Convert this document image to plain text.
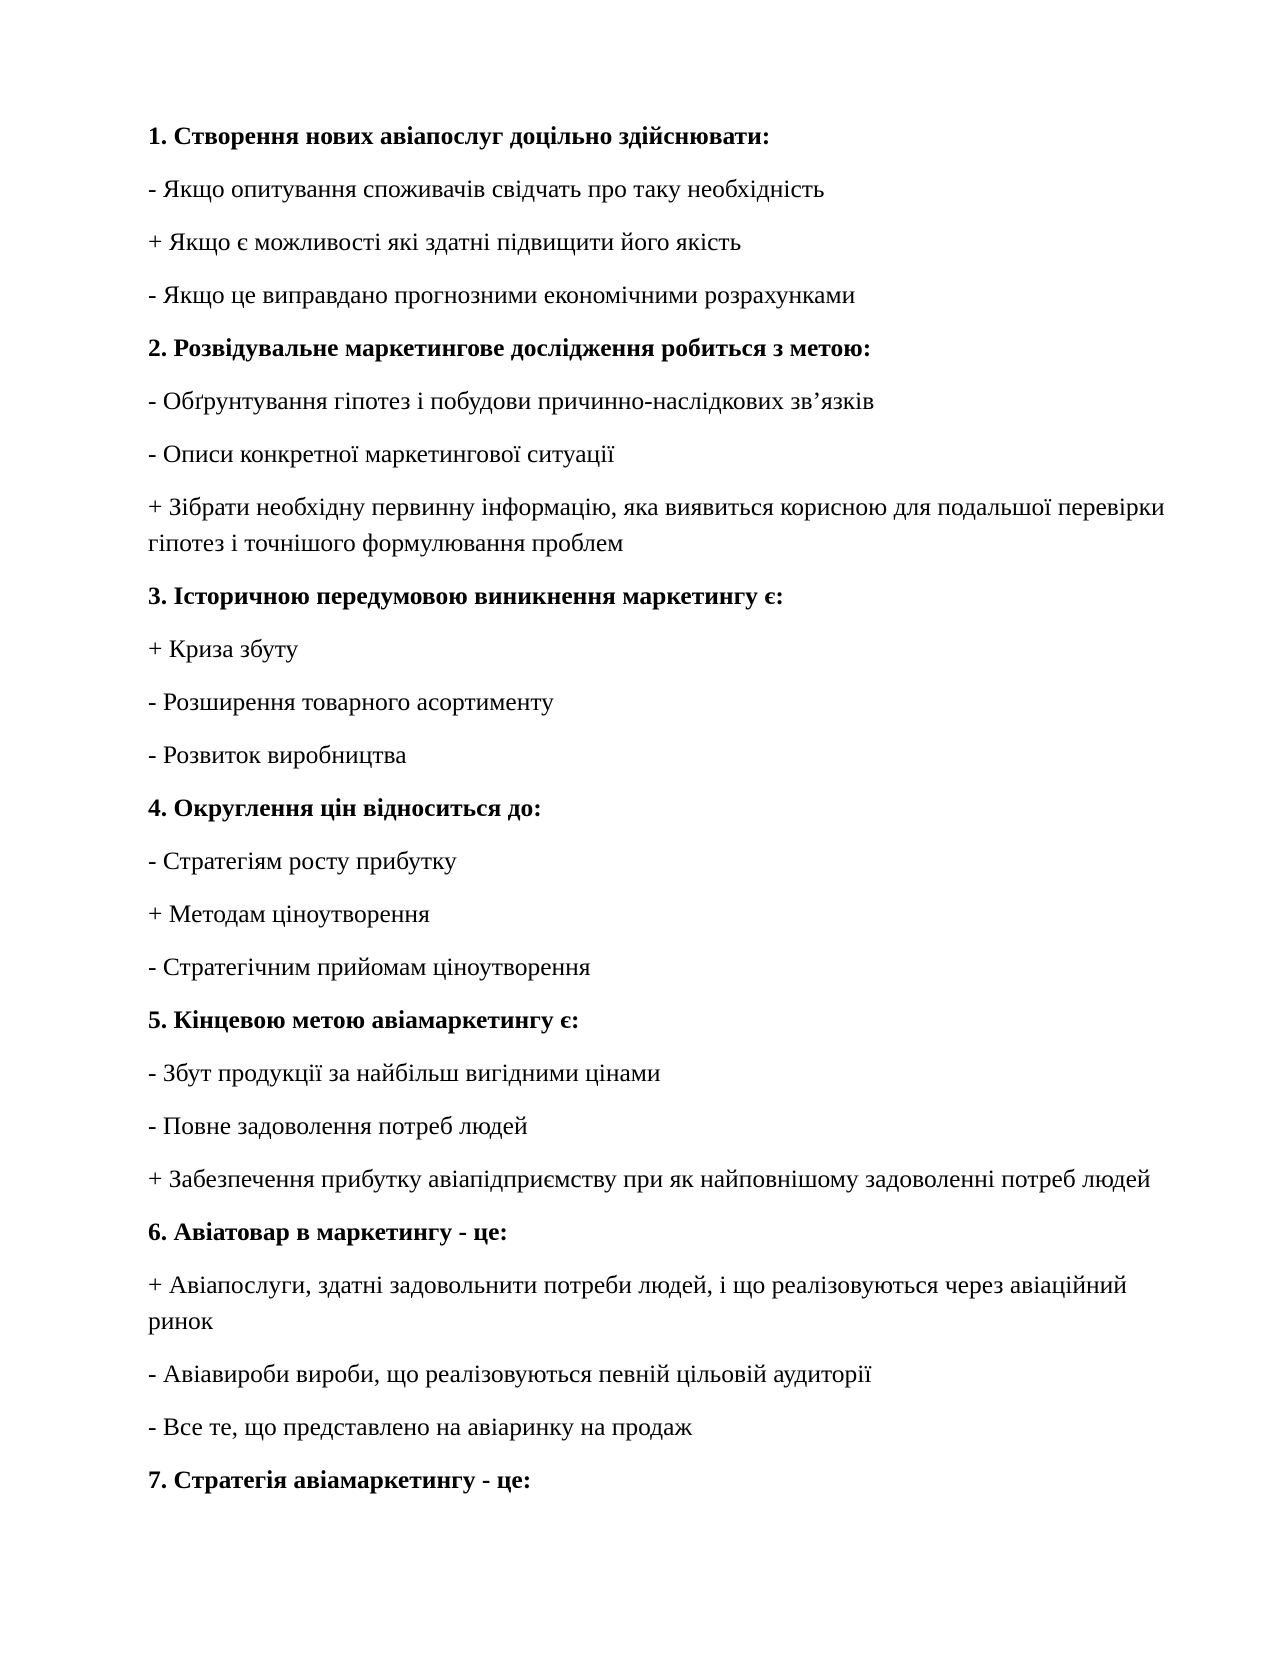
1. Створення нових авіапослуг доцільно здійснювати:

- Якщо опитування споживачів свідчать про таку необхідність

+ Якщо є можливості які здатні підвищити його якість

- Якщо це виправдано прогнозними економічними розрахунками

2. Розвідувальне маркетингове дослідження робиться з метою:

- Обґрунтування гіпотез і побудови причинно-наслідкових зв’язків

- Описи конкретної маркетингової ситуації

+ Зібрати необхідну первинну інформацію, яка виявиться корисною для подальшої перевірки гіпотез і точнішого формулювання проблем

3. Історичною передумовою виникнення маркетингу є:

+ Криза збуту

- Розширення товарного асортименту

- Розвиток виробництва

4. Округлення цін відноситься до:

- Стратегіям росту прибутку

+ Методам ціноутворення

- Стратегічним прийомам ціноутворення

5. Кінцевою метою авіамаркетингу є:

- Збут продукції за найбільш вигідними цінами

- Повне задоволення потреб людей

+ Забезпечення прибутку авіапідприємству при як найповнішому задоволенні потреб людей

6. Авіатовар в маркетингу - це:

+ Авіапослуги, здатні задовольнити потреби людей, і що реалізовуються через авіаційний ринок

- Авіавироби вироби, що реалізовуються певній цільовій аудиторії

- Все те, що представлено на авіаринку на продаж

7. Стратегія авіамаркетингу - це:
